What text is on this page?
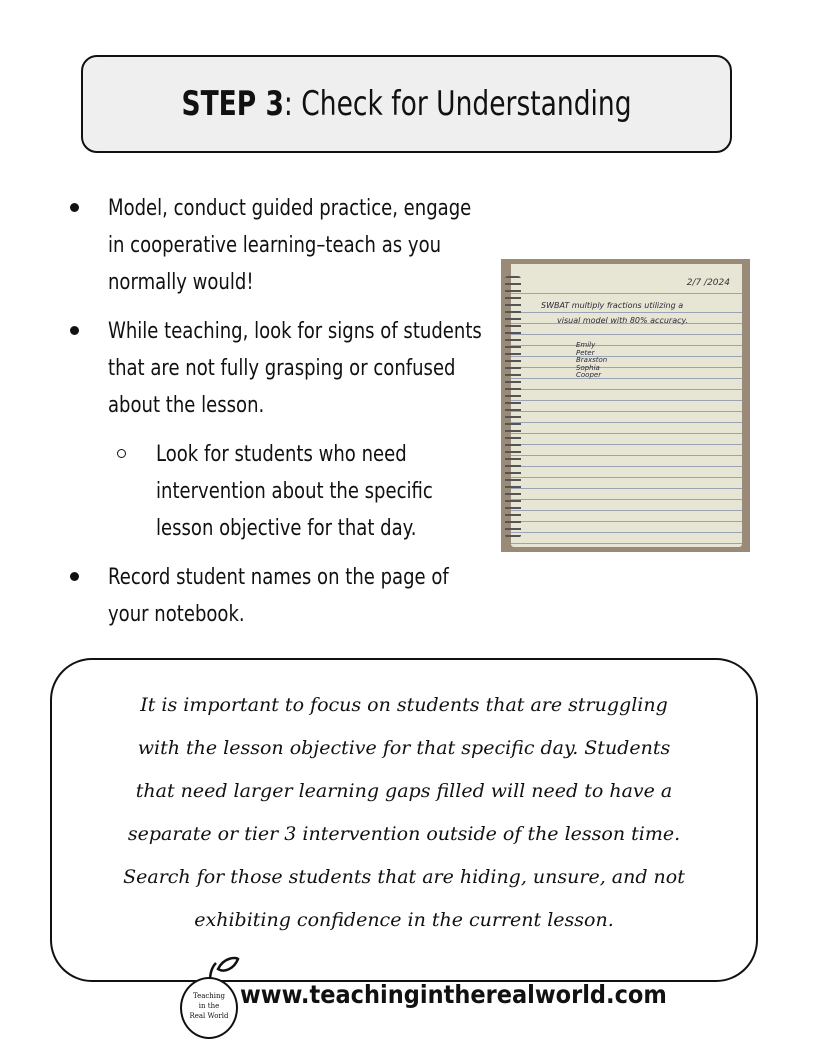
STEP 3: Check for Understanding
Model, conduct guided practice, engage in cooperative learning–teach as you normally would!
While teaching, look for signs of students that are not fully grasping or confused about the lesson.
Look for students who need intervention about the specific lesson objective for that day.
Record student names on the page of your notebook.
2/7 /2024
SWBAT multiply fractions utilizing a
visual model with 80% accuracy.
Emily
Peter
Braxston
Sophia
Cooper
It is important to focus on students that are struggling
with the lesson objective for that specific day. Students
that need larger learning gaps filled will need to have a
separate or tier 3 intervention outside of the lesson time.
Search for those students that are hiding, unsure, and not
exhibiting confidence in the current lesson.
Teaching
in the
Real World
www.teachingintherealworld.com
